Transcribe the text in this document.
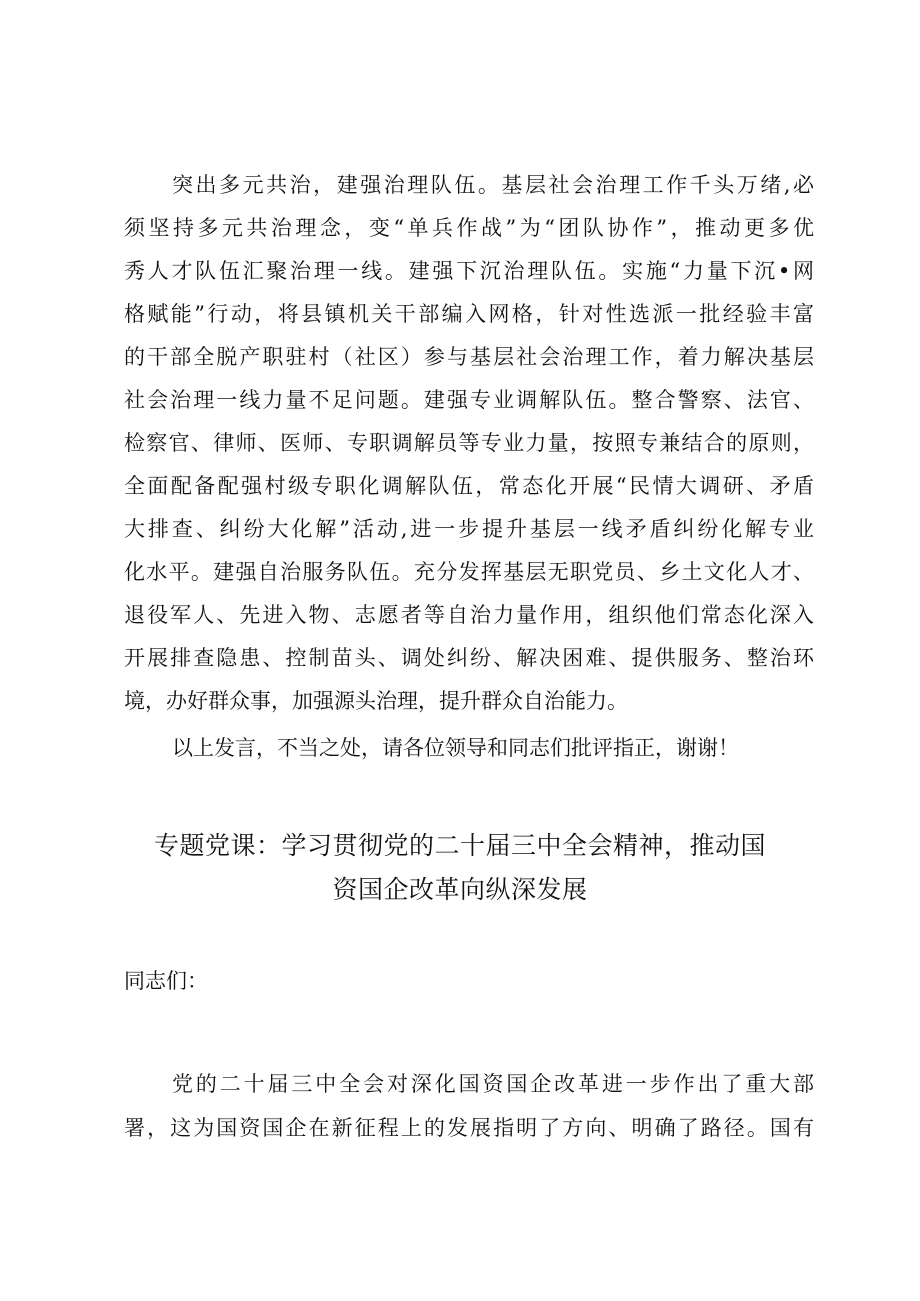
突出多元共治，建强治理队伍。基层社会治理工作千头万绪,必
须坚持多元共治理念，变“单兵作战”为“团队协作”，推动更多优
秀人才队伍汇聚治理一线。建强下沉治理队伍。实施“力量下沉•网
格赋能”行动，将县镇机关干部编入网格，针对性选派一批经验丰富
的干部全脱产职驻村（社区）参与基层社会治理工作，着力解决基层
社会治理一线力量不足问题。建强专业调解队伍。整合警察、法官、
检察官、律师、医师、专职调解员等专业力量，按照专兼结合的原则，
全面配备配强村级专职化调解队伍，常态化开展“民情大调研、矛盾
大排查、纠纷大化解”活动,进一步提升基层一线矛盾纠纷化解专业
化水平。建强自治服务队伍。充分发挥基层无职党员、乡土文化人才、
退役军人、先进入物、志愿者等自治力量作用，组织他们常态化深入
开展排查隐患、控制苗头、调处纠纷、解决困难、提供服务、整治环
境，办好群众事，加强源头治理，提升群众自治能力。
以上发言，不当之处，请各位领导和同志们批评指正，谢谢！
专题党课：学习贯彻党的二十届三中全会精神，推动国
资国企改革向纵深发展
同志们：
党的二十届三中全会对深化国资国企改革进一步作出了重大部
署，这为国资国企在新征程上的发展指明了方向、明确了路径。国有
